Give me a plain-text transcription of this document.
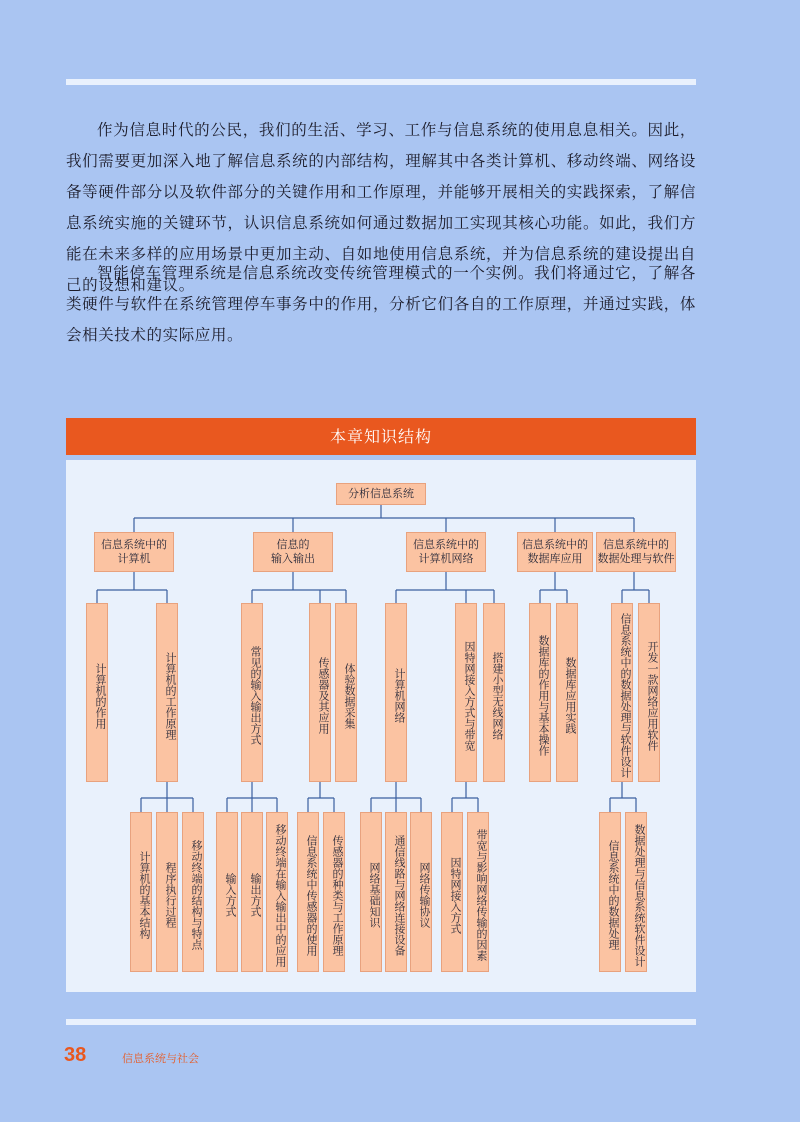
作为信息时代的公民，我们的生活、学习、工作与信息系统的使用息息相关。因此，我们需要更加深入地了解信息系统的内部结构，理解其中各类计算机、移动终端、网络设备等硬件部分以及软件部分的关键作用和工作原理，并能够开展相关的实践探索，了解信息系统实施的关键环节，认识信息系统如何通过数据加工实现其核心功能。如此，我们方能在未来多样的应用场景中更加主动、自如地使用信息系统，并为信息系统的建设提出自己的设想和建议。

智能停车管理系统是信息系统改变传统管理模式的一个实例。我们将通过它，了解各类硬件与软件在系统管理停车事务中的作用，分析它们各自的工作原理，并通过实践，体会相关技术的实际应用。

本章知识结构
分析信息系统
信息系统中的
计算机
信息的
输入输出
信息系统中的
计算机网络
信息系统中的
数据库应用
信息系统中的
数据处理与软件
计算机的作用	计算机的工作原理	常见的输入输出方式	传感器及其应用	体验数据采集	计算机网络	因特网接入方式与带宽	搭建小型无线网络	数据库的作用与基本操作	数据库应用实践	信息系统中的数据处理与软件设计	开发一款网络应用软件
计算机的基本结构	程序执行过程	移动终端的结构与特点	输入方式	输出方式	移动终端在输入输出中的应用	信息系统中传感器的使用	传感器的种类与工作原理	网络基础知识	通信线路与网络连接设备	网络传输协议	因特网接入方式	带宽与影响网络传输的因素	信息系统中的数据处理	数据处理与信息系统软件设计
38	信息系统与社会
